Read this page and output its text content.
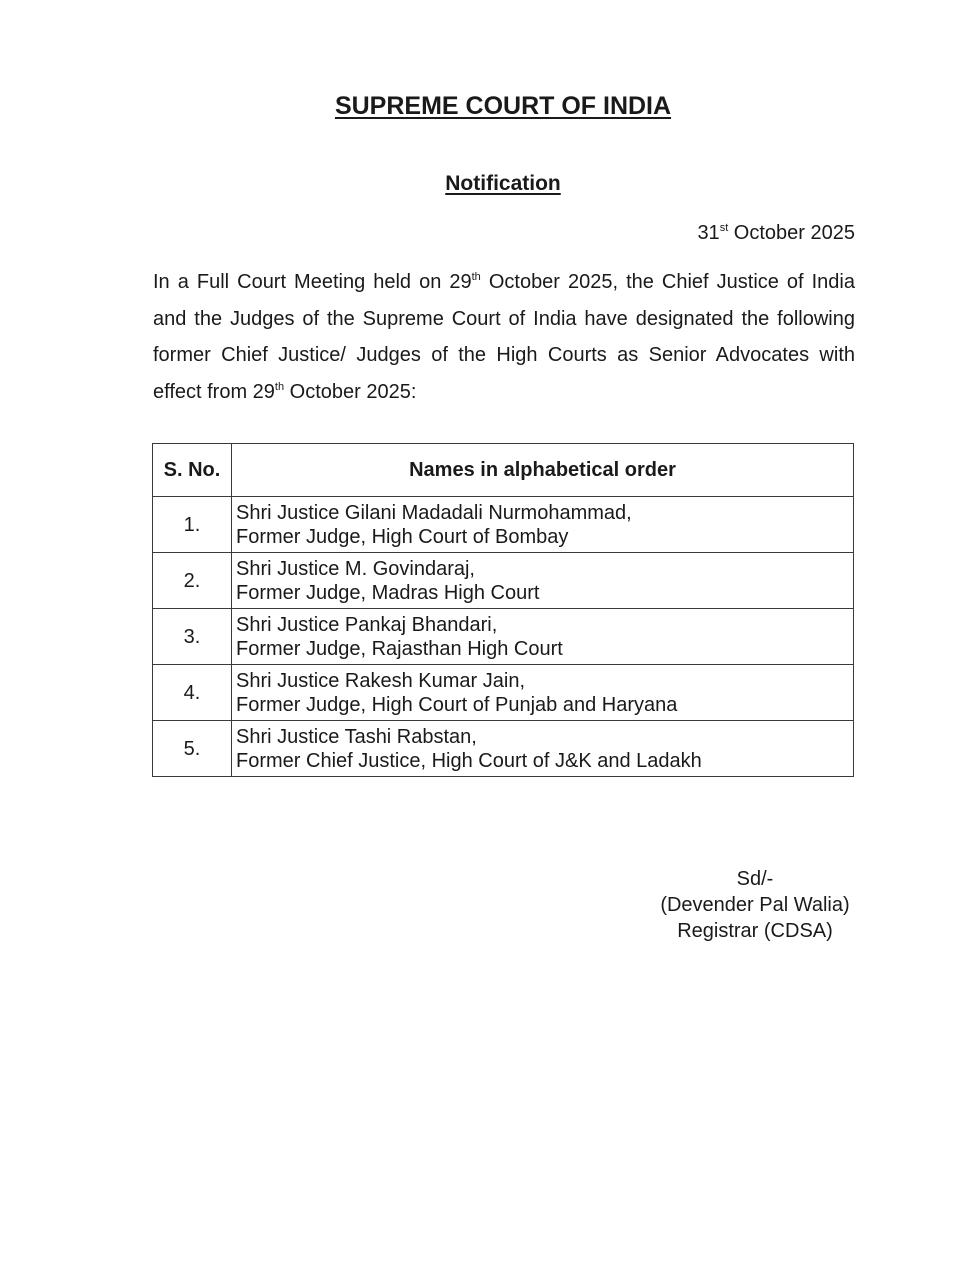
SUPREME COURT OF INDIA
Notification
31st October 2025
In a Full Court Meeting held on 29th October 2025, the Chief Justice of India and the Judges of the Supreme Court of India have designated the following former Chief Justice/ Judges of the High Courts as Senior Advocates with effect from 29th October 2025:
S. No.	Names in alphabetical order
1.	Shri Justice Gilani Madadali Nurmohammad,
Former Judge, High Court of Bombay

2.	Shri Justice M. Govindaraj,
Former Judge, Madras High Court

3.	Shri Justice Pankaj Bhandari,
Former Judge, Rajasthan High Court

4.	Shri Justice Rakesh Kumar Jain,
Former Judge, High Court of Punjab and Haryana

5.	Shri Justice Tashi Rabstan,
Former Chief Justice, High Court of J&K and Ladakh
Sd/-
(Devender Pal Walia)
Registrar (CDSA)
